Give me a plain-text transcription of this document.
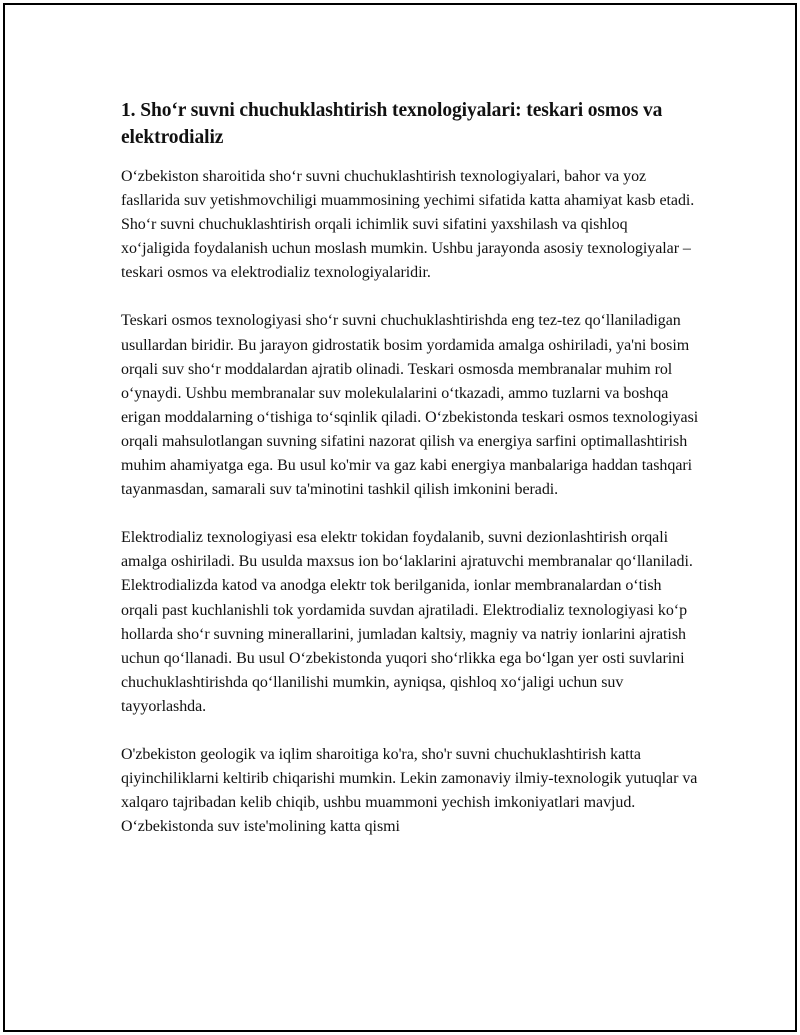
1. Sho‘r suvni chuchuklashtirish texnologiyalari: teskari osmos va elektrodializ

O‘zbekiston sharoitida sho‘r suvni chuchuklashtirish texnologiyalari, bahor va yoz fasllarida suv yetishmovchiligi muammosining yechimi sifatida katta ahamiyat kasb etadi. Sho‘r suvni chuchuklashtirish orqali ichimlik suvi sifatini yaxshilash va qishloq xo‘jaligida foydalanish uchun moslash mumkin. Ushbu jarayonda asosiy texnologiyalar – teskari osmos va elektrodializ texnologiyalaridir.

Teskari osmos texnologiyasi sho‘r suvni chuchuklashtirishda eng tez-tez qo‘llaniladigan usullardan biridir. Bu jarayon gidrostatik bosim yordamida amalga oshiriladi, ya'ni bosim orqali suv sho‘r moddalardan ajratib olinadi. Teskari osmosda membranalar muhim rol o‘ynaydi. Ushbu membranalar suv molekulalarini o‘tkazadi, ammo tuzlarni va boshqa erigan moddalarning o‘tishiga to‘sqinlik qiladi. O‘zbekistonda teskari osmos texnologiyasi orqali mahsulotlangan suvning sifatini nazorat qilish va energiya sarfini optimallashtirish muhim ahamiyatga ega. Bu usul ko'mir va gaz kabi energiya manbalariga haddan tashqari tayanmasdan, samarali suv ta'minotini tashkil qilish imkonini beradi.

Elektrodializ texnologiyasi esa elektr tokidan foydalanib, suvni dezionlashtirish orqali amalga oshiriladi. Bu usulda maxsus ion bo‘laklarini ajratuvchi membranalar qo‘llaniladi. Elektrodializda katod va anodga elektr tok berilganida, ionlar membranalardan o‘tish orqali past kuchlanishli tok yordamida suvdan ajratiladi. Elektrodializ texnologiyasi ko‘p hollarda sho‘r suvning minerallarini, jumladan kaltsiy, magniy va natriy ionlarini ajratish uchun qo‘llanadi. Bu usul O‘zbekistonda yuqori sho‘rlikka ega bo‘lgan yer osti suvlarini chuchuklashtirishda qo‘llanilishi mumkin, ayniqsa, qishloq xo‘jaligi uchun suv tayyorlashda.

O'zbekiston geologik va iqlim sharoitiga ko'ra, sho'r suvni chuchuklashtirish katta qiyinchiliklarni keltirib chiqarishi mumkin. Lekin zamonaviy ilmiy-texnologik yutuqlar va xalqaro tajribadan kelib chiqib, ushbu muammoni yechish imkoniyatlari mavjud. O‘zbekistonda suv iste'molining katta qismi
